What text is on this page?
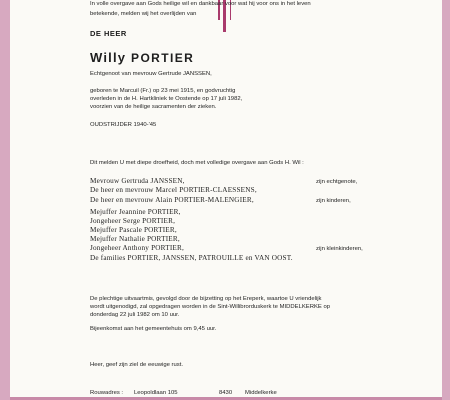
In volle overgave aan Gods heilige wil en dankbaar voor wat hij voor ons in het leven
betekende, melden wij het overlijden van
DE HEER
Willy PORTIER
Echtgenoot van mevrouw Gertrude JANSSEN,
geboren te Marcuil (Fr.) op 23 mei 1915, en godvruchtig
overleden in de H. Hartkliniek te Oostende op 17 juli 1982,
voorzien van de heilige sacramenten der zieken.
OUDSTRIJDER 1940-'45
Dit melden U met diepe droefheid, doch met volledige overgave aan Gods H. Wil :
Mevrouw Gertruda JANSSEN,	zijn echtgenote,
De heer en mevrouw Marcel PORTIER-CLAESSENS,
De heer en mevrouw Alain PORTIER-MALENGIER,	zijn kinderen,
Mejuffer Jeannine PORTIER,
Jongeheer Serge PORTIER,
Mejuffer Pascale PORTIER,
Mejuffer Nathalie PORTIER,
Jongeheer Anthony PORTIER,	zijn kleinkinderen,
De families PORTIER, JANSSEN, PATROUILLE en VAN OOST.
De plechtige uitvaartmis, gevolgd door de bijzetting op het Ereperk, waartoe U vriendelijk
wordt uitgenodigd, zal opgedragen worden in de Sint-Willibrorduskerk te MIDDELKERKE op
donderdag 22 juli 1982 om 10 uur.
Bijeenkomst aan het gemeentehuis om 9,45 uur.
Heer, geef zijn ziel de eeuwige rust.
Rouwadres : Leopoldlaan 105	8430 Middelkerke
